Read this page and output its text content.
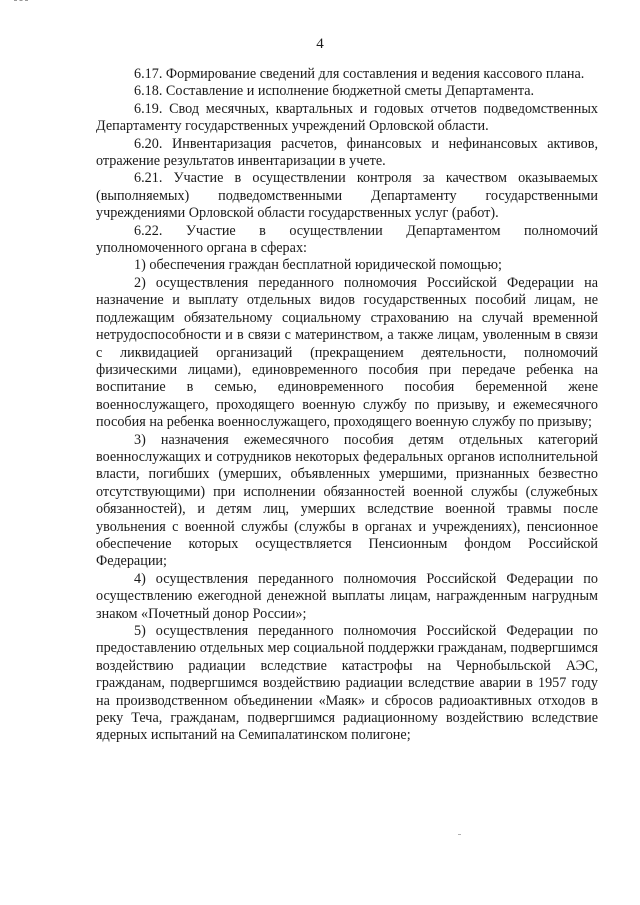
4

6.17. Формирование сведений для составления и ведения кассового плана.

6.18. Составление и исполнение бюджетной сметы Департамента.

6.19. Свод месячных, квартальных и годовых отчетов подведомственных Департаменту государственных учреждений Орловской области.

6.20. Инвентаризация расчетов, финансовых и нефинансовых активов, отражение результатов инвентаризации в учете.

6.21. Участие в осуществлении контроля за качеством оказываемых (выполняемых) подведомственными Департаменту государственными учреждениями Орловской области государственных услуг (работ).

6.22. Участие в осуществлении Департаментом полномочий уполномоченного органа в сферах:

1) обеспечения граждан бесплатной юридической помощью;

2) осуществления переданного полномочия Российской Федерации на назначение и выплату отдельных видов государственных пособий лицам, не подлежащим обязательному социальному страхованию на случай временной нетрудоспособности и в связи с материнством, а также лицам, уволенным в связи с ликвидацией организаций (прекращением деятельности, полномочий физическими лицами), единовременного пособия при передаче ребенка на воспитание в семью, единовременного пособия беременной жене военнослужащего, проходящего военную службу по призыву, и ежемесячного пособия на ребенка военнослужащего, проходящего военную службу по призыву;

3) назначения ежемесячного пособия детям отдельных категорий военнослужащих и сотрудников некоторых федеральных органов исполнительной власти, погибших (умерших, объявленных умершими, признанных безвестно отсутствующими) при исполнении обязанностей военной службы (служебных обязанностей), и детям лиц, умерших вследствие военной травмы после увольнения с военной службы (службы в органах и учреждениях), пенсионное обеспечение которых осуществляется Пенсионным фондом Российской Федерации;

4) осуществления переданного полномочия Российской Федерации по осуществлению ежегодной денежной выплаты лицам, награжденным нагрудным знаком «Почетный донор России»;

5) осуществления переданного полномочия Российской Федерации по предоставлению отдельных мер социальной поддержки гражданам, подвергшимся воздействию радиации вследствие катастрофы на Чернобыльской АЭС, гражданам, подвергшимся воздействию радиации вследствие аварии в 1957 году на производственном объединении «Маяк» и сбросов радиоактивных отходов в реку Теча, гражданам, подвергшимся радиационному воздействию вследствие ядерных испытаний на Семипалатинском полигоне;
